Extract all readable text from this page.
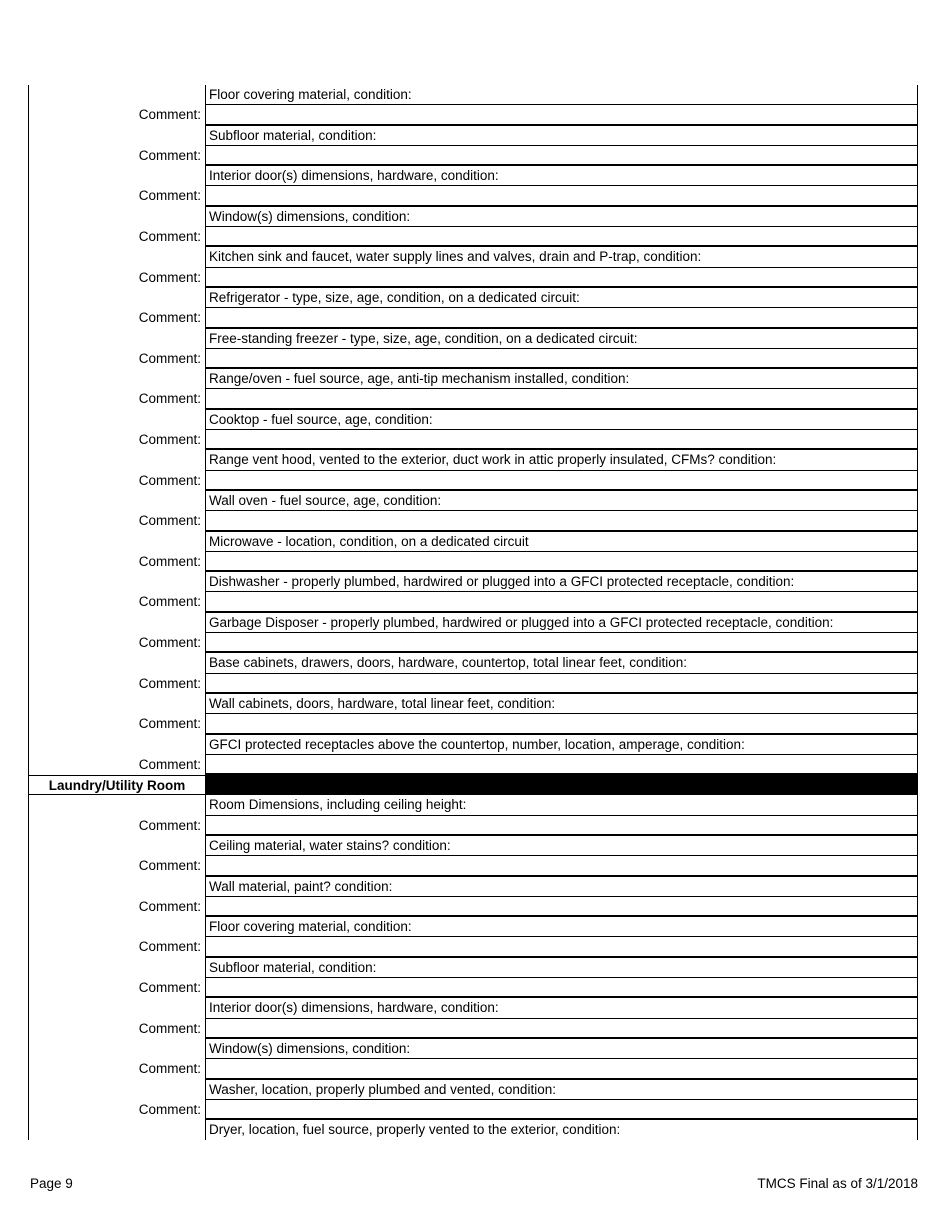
Floor covering material, condition:
Comment:
Subfloor material, condition:
Comment:
Interior door(s) dimensions, hardware, condition:
Comment:
Window(s) dimensions, condition:
Comment:
Kitchen sink and faucet, water supply lines and valves, drain and P-trap, condition:
Comment:
Refrigerator - type, size, age, condition, on a dedicated circuit:
Comment:
Free-standing freezer - type, size, age, condition, on a dedicated circuit:
Comment:
Range/oven - fuel source, age, anti-tip mechanism installed, condition:
Comment:
Cooktop - fuel source, age, condition:
Comment:
Range vent hood, vented to the exterior, duct work in attic properly insulated, CFMs? condition:
Comment:
Wall oven - fuel source, age, condition:
Comment:
Microwave - location, condition, on a dedicated circuit
Comment:
Dishwasher - properly plumbed, hardwired or plugged into a GFCI protected receptacle, condition:
Comment:
Garbage Disposer - properly plumbed, hardwired or plugged into a GFCI protected receptacle, condition:
Comment:
Base cabinets, drawers, doors, hardware, countertop, total linear feet, condition:
Comment:
Wall cabinets, doors, hardware, total linear feet, condition:
Comment:
GFCI protected receptacles above the countertop, number, location, amperage, condition:
Comment:
Laundry/Utility Room
Room Dimensions, including ceiling height:
Comment:
Ceiling material, water stains? condition:
Comment:
Wall material, paint? condition:
Comment:
Floor covering material, condition:
Comment:
Subfloor material, condition:
Comment:
Interior door(s) dimensions, hardware, condition:
Comment:
Window(s) dimensions, condition:
Comment:
Washer, location, properly plumbed and vented, condition:
Comment:
Dryer, location, fuel source, properly vented to the exterior, condition:
Page 9	TMCS Final as of 3/1/2018
